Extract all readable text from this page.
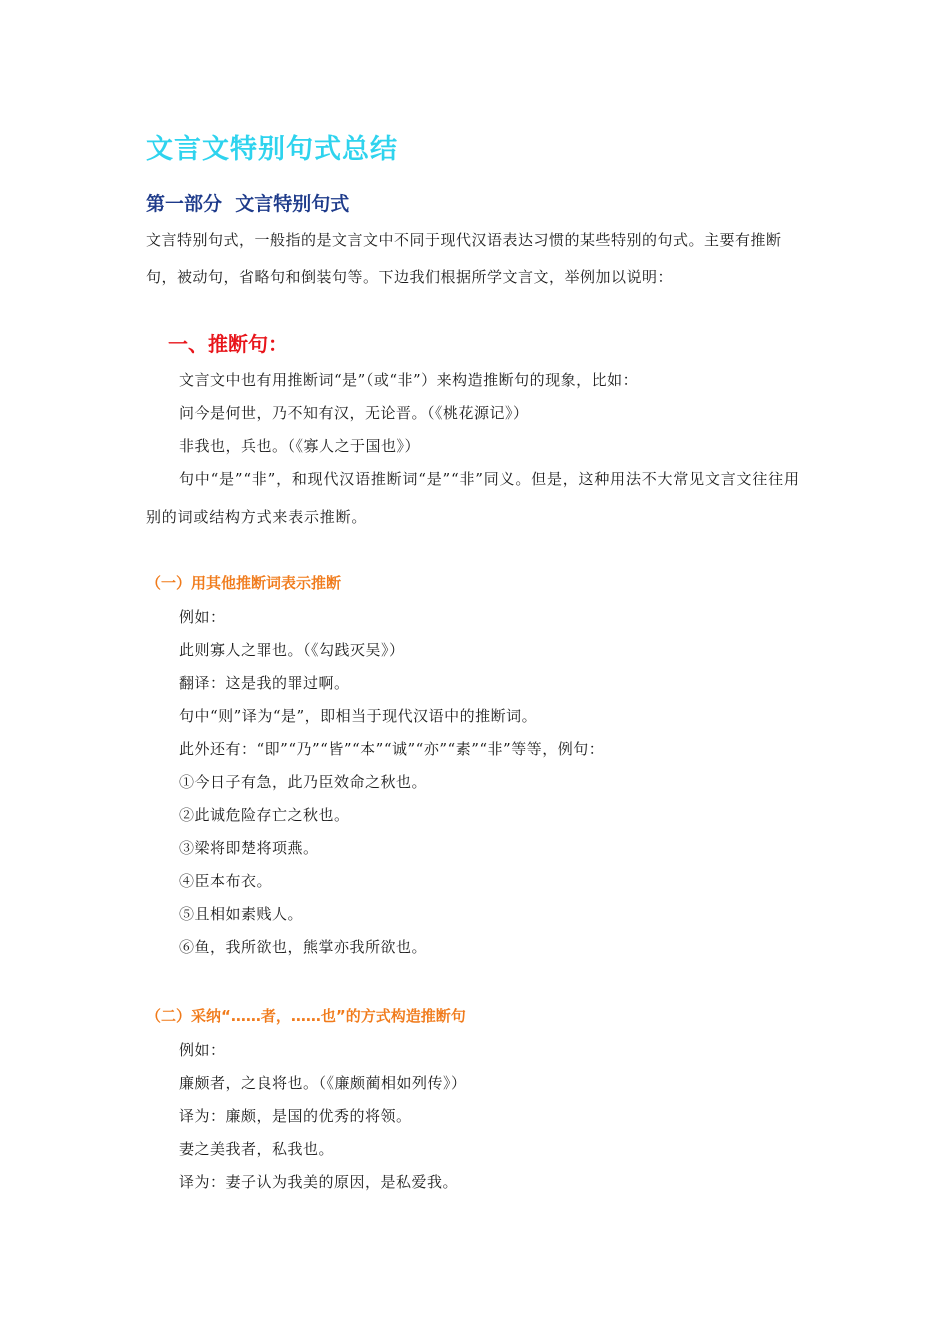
文言文特别句式总结
第一部分  文言特别句式

文言特别句式，一般指的是文言文中不同于现代汉语表达习惯的某些特别的句式。主要有推断句，被动句，省略句和倒装句等。下边我们根据所学文言文，举例加以说明：

一、推断句：
文言文中也有用推断词“是”（或“非”）来构造推断句的现象，比如：
问今是何世，乃不知有汉，无论晋。（《桃花源记》）
非我也，兵也。（《寡人之于国也》）

句中“是”“非”，和现代汉语推断词“是”“非”同义。但是，这种用法不大常见文言文往往用别的词或结构方式来表示推断。

（一）用其他推断词表示推断
例如：
此则寡人之罪也。（《勾践灭吴》）
翻译：这是我的罪过啊。
句中“则”译为“是”，即相当于现代汉语中的推断词。
此外还有：“即”“乃”“皆”“本”“诚”“亦”“素”“非”等等，例句：
①今日子有急，此乃臣效命之秋也。
②此诚危险存亡之秋也。
③梁将即楚将项燕。
④臣本布衣。
⑤且相如素贱人。
⑥鱼，我所欲也，熊掌亦我所欲也。
（二）采纳“……者，……也”的方式构造推断句
例如：
廉颇者，之良将也。（《廉颇蔺相如列传》）
译为：廉颇，是国的优秀的将领。
妻之美我者，私我也。
译为：妻子认为我美的原因，是私爱我。
